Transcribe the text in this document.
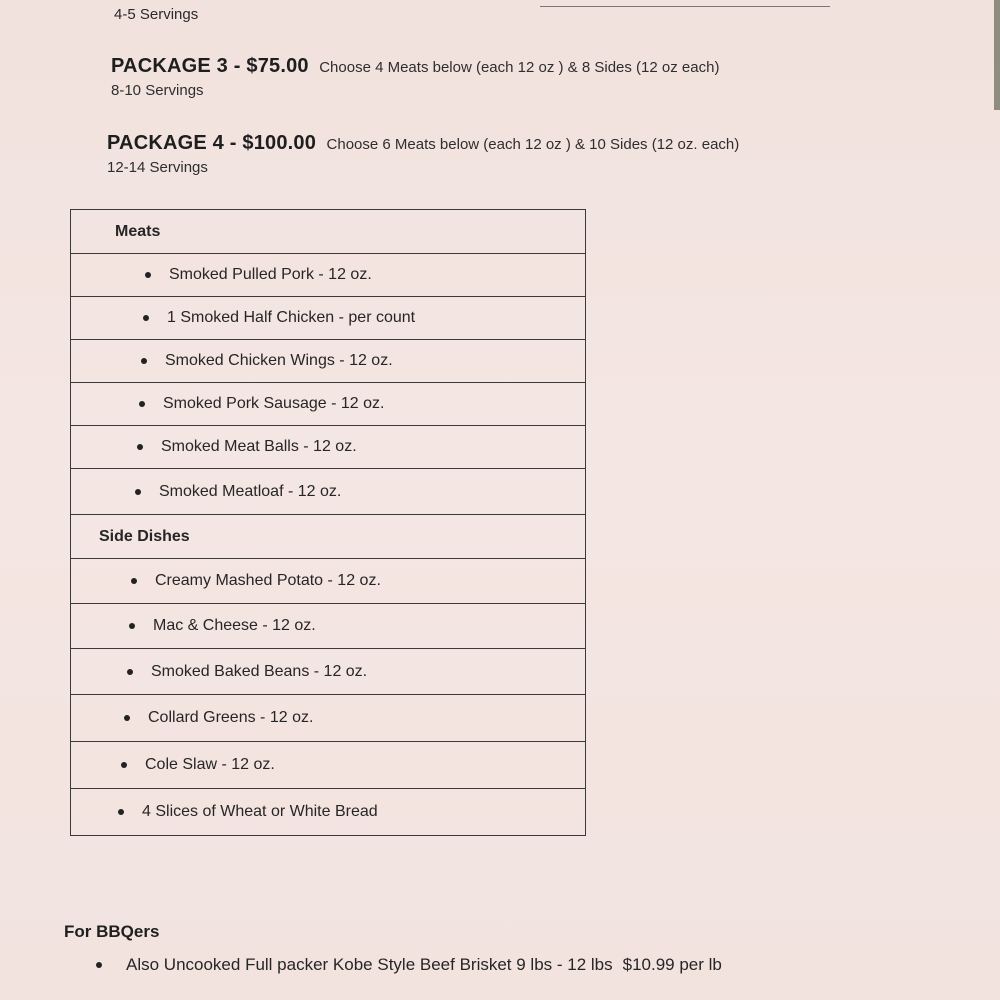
4-5 Servings
PACKAGE 3 - $75.00 Choose 4 Meats below (each 12 oz ) & 8 Sides (12 oz each)
8-10 Servings
PACKAGE 4 - $100.00 Choose 6 Meats below (each 12 oz ) & 10 Sides (12 oz. each)
12-14 Servings
Meats
Smoked Pulled Pork - 12 oz.
1 Smoked Half Chicken - per count
Smoked Chicken Wings - 12 oz.
Smoked Pork Sausage - 12 oz.
Smoked Meat Balls - 12 oz.
Smoked Meatloaf - 12 oz.
Side Dishes
Creamy Mashed Potato - 12 oz.
Mac & Cheese - 12 oz.
Smoked Baked Beans - 12 oz.
Collard Greens - 12 oz.
Cole Slaw - 12 oz.
4 Slices of Wheat or White Bread
For BBQers
Also Uncooked Full packer Kobe Style Beef Brisket 9 lbs - 12 lbs $10.99 per lb
